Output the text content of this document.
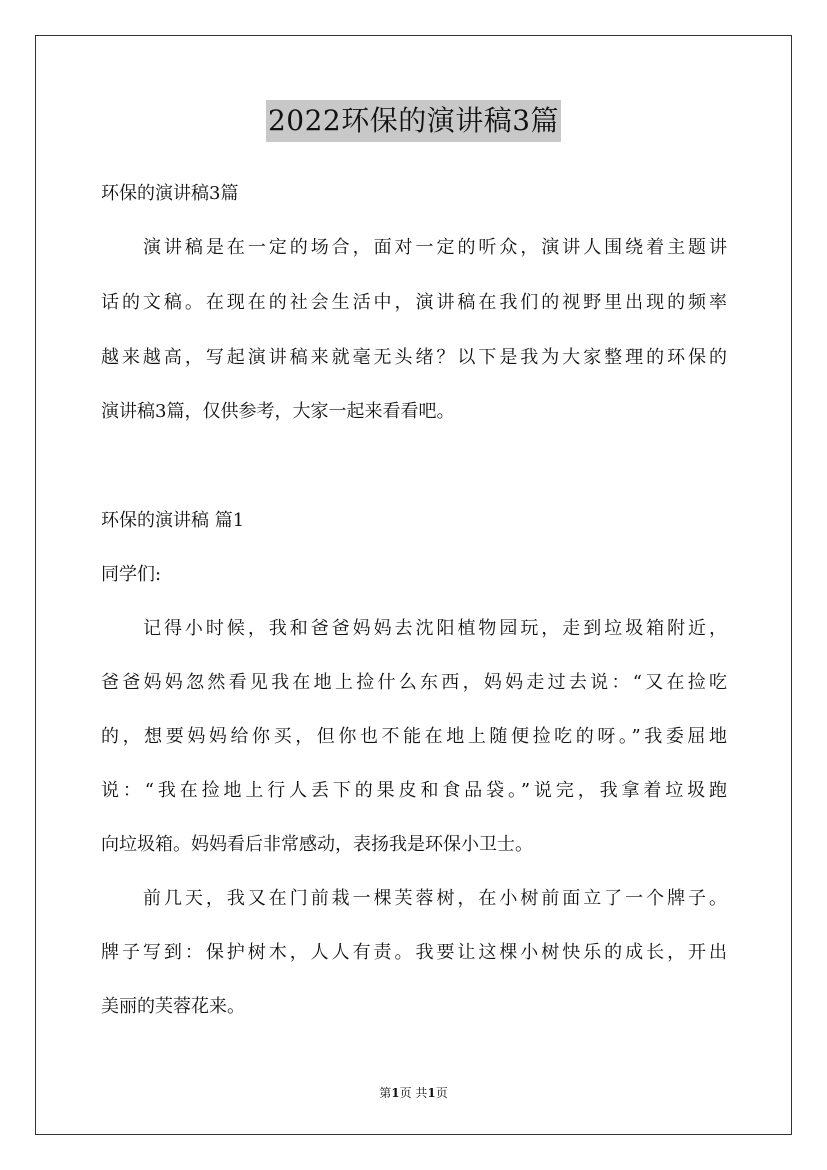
2022环保的演讲稿3篇
环保的演讲稿3篇
演讲稿是在一定的场合，面对一定的听众，演讲人围绕着主题讲
话的文稿。在现在的社会生活中，演讲稿在我们的视野里出现的频率
越来越高，写起演讲稿来就毫无头绪？以下是我为大家整理的环保的
演讲稿3篇，仅供参考，大家一起来看看吧。
环保的演讲稿 篇1
同学们:
记得小时候，我和爸爸妈妈去沈阳植物园玩，走到垃圾箱附近，
爸爸妈妈忽然看见我在地上捡什么东西，妈妈走过去说：“又在捡吃
的，想要妈妈给你买，但你也不能在地上随便捡吃的呀。”我委屈地
说：“我在捡地上行人丢下的果皮和食品袋。”说完，我拿着垃圾跑
向垃圾箱。妈妈看后非常感动，表扬我是环保小卫士。
前几天，我又在门前栽一棵芙蓉树，在小树前面立了一个牌子。
牌子写到：保护树木，人人有责。我要让这棵小树快乐的成长，开出
美丽的芙蓉花来。
第1页 共1页
